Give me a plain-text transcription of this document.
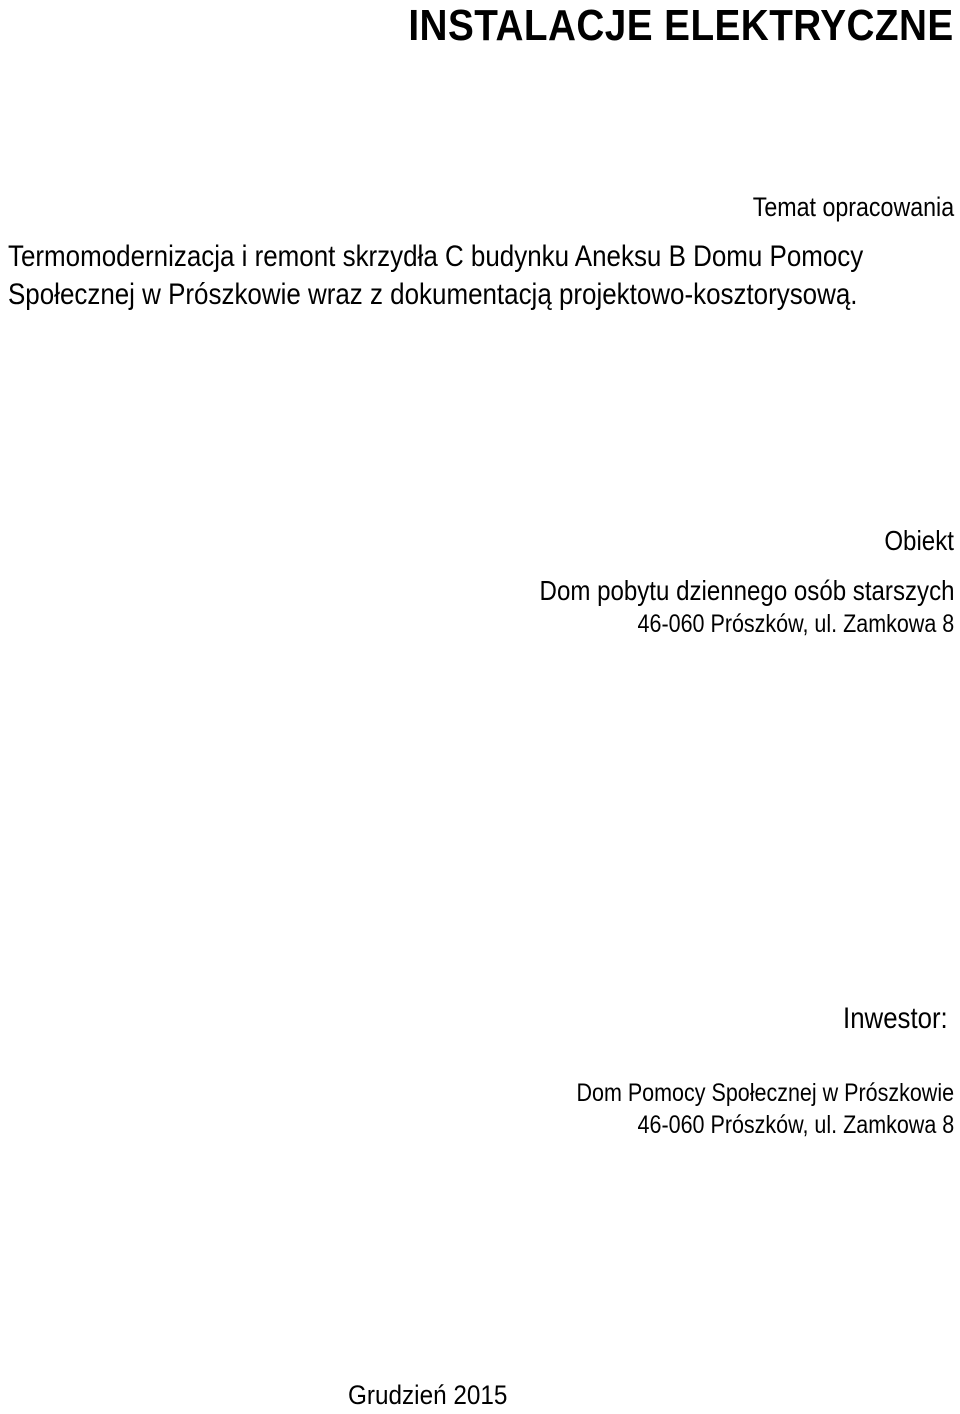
INSTALACJE ELEKTRYCZNE
Temat opracowania
Termomodernizacja i remont skrzydła C budynku Aneksu B Domu Pomocy
Społecznej w Prószkowie wraz z dokumentacją projektowo-kosztorysową.
Obiekt
Dom pobytu dziennego osób starszych
46-060 Prószków, ul. Zamkowa 8
Inwestor:
Dom Pomocy Społecznej w Prószkowie
46-060 Prószków, ul. Zamkowa 8
Grudzień 2015
